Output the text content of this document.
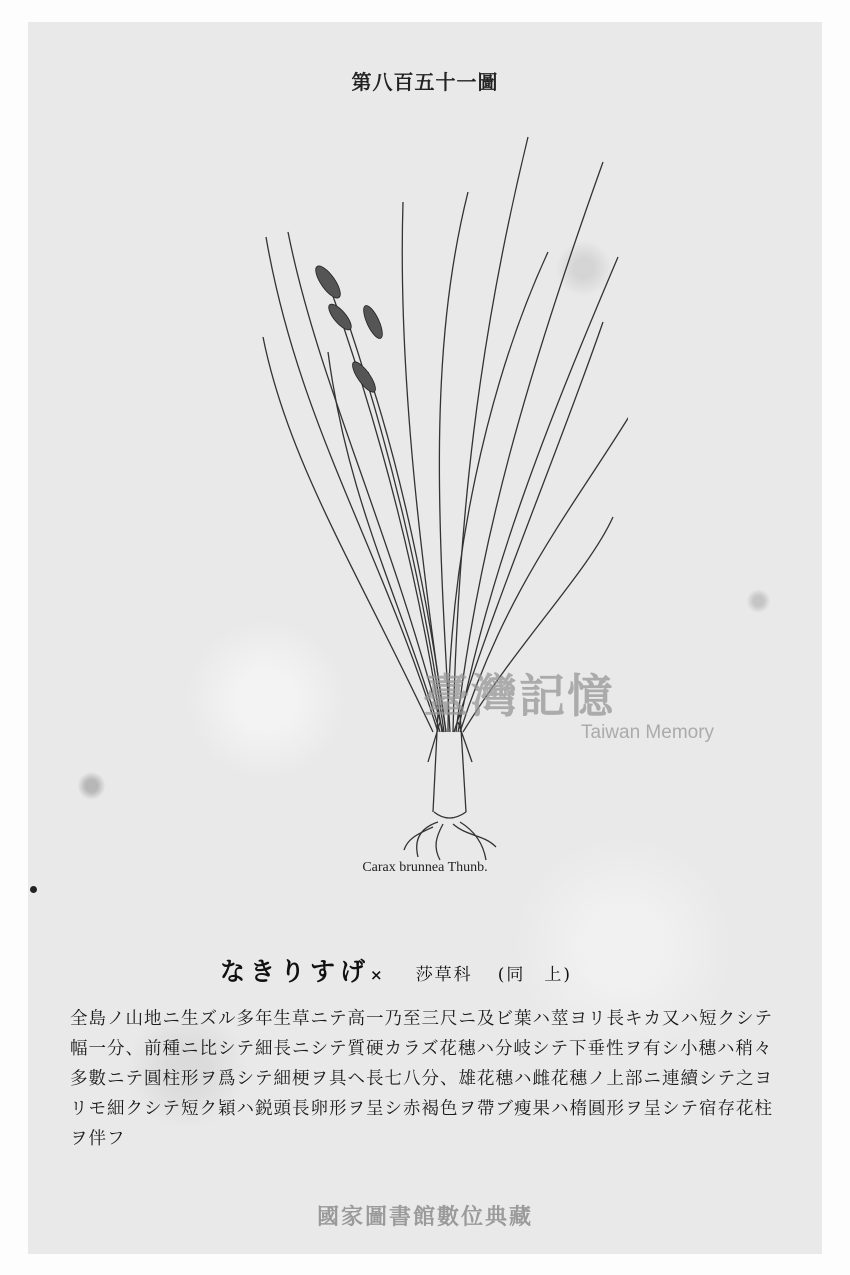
第八百五十一圖
Carax brunnea Thunb.
臺灣記憶
Taiwan Memory
なきりすげ× 莎草科 (同　上)
全島ノ山地ニ生ズル多年生草ニテ高一乃至三尺ニ及ビ葉ハ莖ヨリ長キカ又ハ短クシテ
幅一分、前種ニ比シテ細長ニシテ質硬カラズ花穗ハ分岐シテ下垂性ヲ有シ小穗ハ稍々
多數ニテ圓柱形ヲ爲シテ細梗ヲ具ヘ長七八分、雄花穗ハ雌花穗ノ上部ニ連續シテ之ヨ
リモ細クシテ短ク穎ハ鋭頭長卵形ヲ呈シ赤褐色ヲ帶ブ瘦果ハ楕圓形ヲ呈シテ宿存花柱
ヲ伴フ
國家圖書館數位典藏
